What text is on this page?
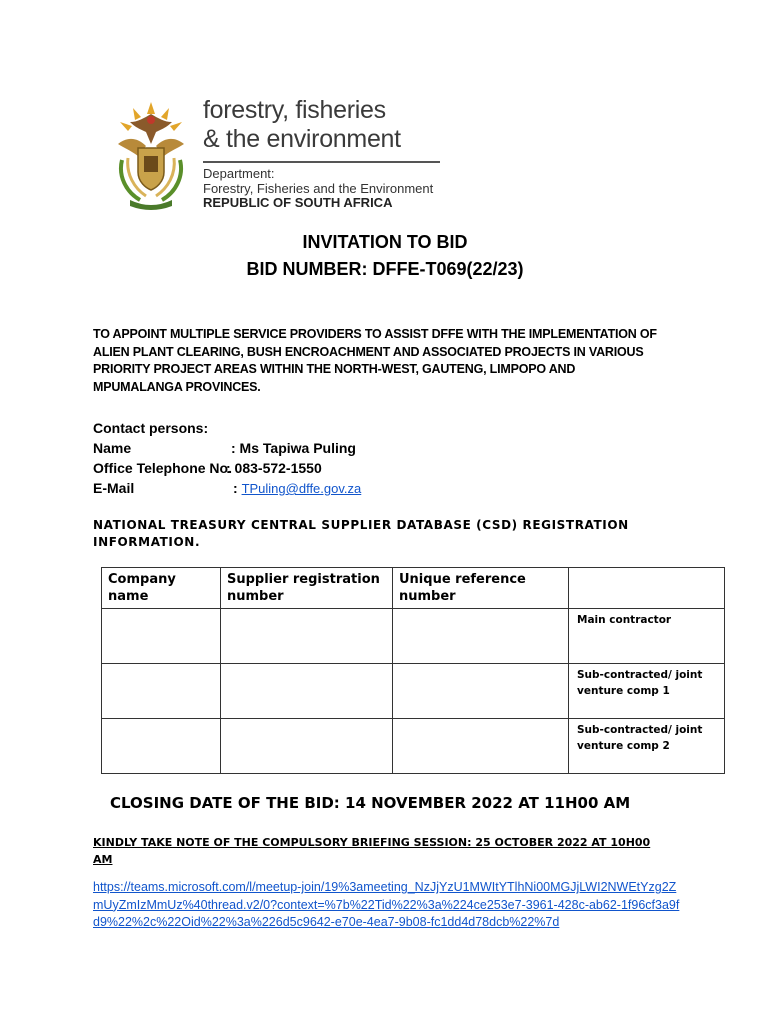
forestry, fisheries
& the environment
Department:
Forestry, Fisheries and the Environment
REPUBLIC OF SOUTH AFRICA
INVITATION TO BID
BID NUMBER: DFFE-T069(22/23)
TO APPOINT MULTIPLE SERVICE PROVIDERS TO ASSIST DFFE WITH THE IMPLEMENTATION OF ALIEN PLANT CLEARING, BUSH ENCROACHMENT AND ASSOCIATED PROJECTS IN VARIOUS PRIORITY PROJECT AREAS WITHIN THE NORTH-WEST, GAUTENG, LIMPOPO AND MPUMALANGA PROVINCES.
Contact persons:
Name	: Ms Tapiwa Puling
Office Telephone No.
: 083-572-1550
E-Mail	: TPuling@dffe.gov.za
NATIONAL TREASURY CENTRAL SUPPLIER DATABASE (CSD) REGISTRATION INFORMATION.
Company name	Supplier registration number	Unique reference number	
			Main contractor
			Sub-contracted/ joint venture comp 1
			Sub-contracted/ joint venture comp 2
CLOSING DATE OF THE BID: 14 NOVEMBER 2022 AT 11H00 AM
KINDLY TAKE NOTE OF THE COMPULSORY BRIEFING SESSION: 25 OCTOBER 2022 AT 10H00 AM
https://teams.microsoft.com/l/meetup-join/19%3ameeting_NzJjYzU1MWItYTlhNi00MGJjLWI2NWEtYzg2ZmUyZmIzMmUz%40thread.v2/0?context=%7b%22Tid%22%3a%224ce253e7-3961-428c-ab62-1f96cf3a9fd9%22%2c%22Oid%22%3a%226d5c9642-e70e-4ea7-9b08-fc1dd4d78dcb%22%7d
